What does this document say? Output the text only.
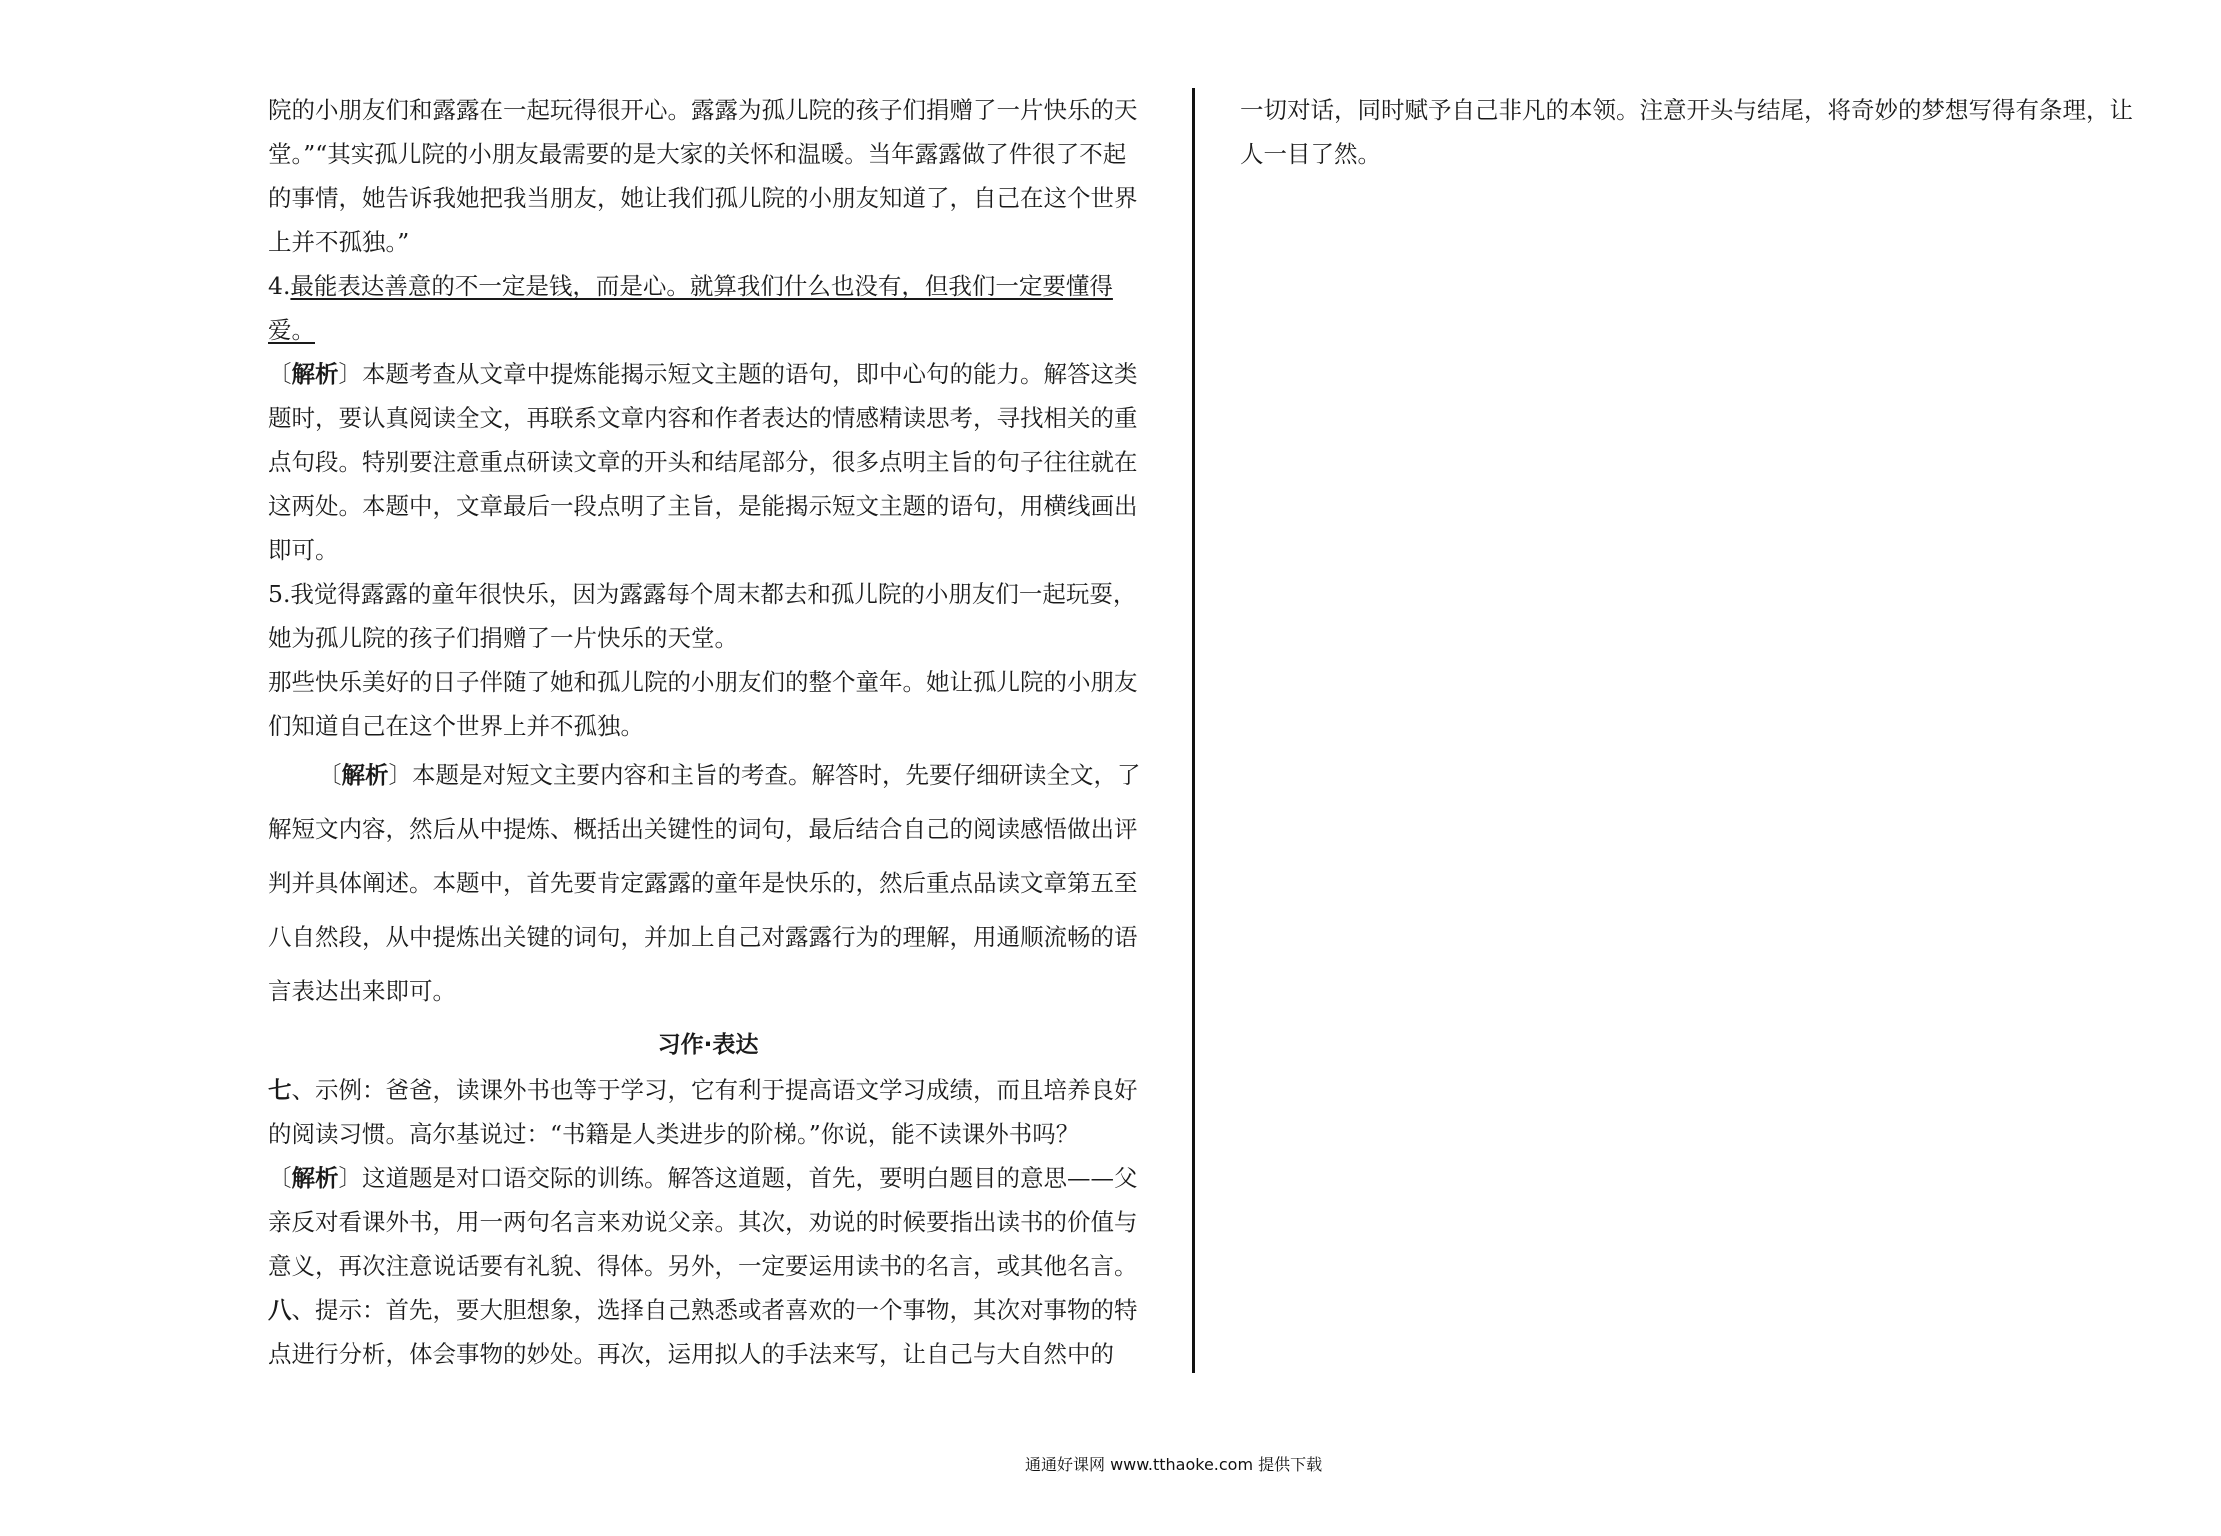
院的小朋友们和露露在一起玩得很开心。露露为孤儿院的孩子们捐赠了一片快乐的天堂。”“其实孤儿院的小朋友最需要的是大家的关怀和温暖。当年露露做了件很了不起的事情，她告诉我她把我当朋友，她让我们孤儿院的小朋友知道了，自己在这个世界上并不孤独。”

4.最能表达善意的不一定是钱，而是心。就算我们什么也没有，但我们一定要懂得爱。

〔解析〕本题考查从文章中提炼能揭示短文主题的语句，即中心句的能力。解答这类题时，要认真阅读全文，再联系文章内容和作者表达的情感精读思考，寻找相关的重点句段。特别要注意重点研读文章的开头和结尾部分，很多点明主旨的句子往往就在这两处。本题中，文章最后一段点明了主旨，是能揭示短文主题的语句，用横线画出即可。

5.我觉得露露的童年很快乐，因为露露每个周末都去和孤儿院的小朋友们一起玩耍，她为孤儿院的孩子们捐赠了一片快乐的天堂。

那些快乐美好的日子伴随了她和孤儿院的小朋友们的整个童年。她让孤儿院的小朋友们知道自己在这个世界上并不孤独。

〔解析〕本题是对短文主要内容和主旨的考查。解答时，先要仔细研读全文，了解短文内容，然后从中提炼、概括出关键性的词句，最后结合自己的阅读感悟做出评判并具体阐述。本题中，首先要肯定露露的童年是快乐的，然后重点品读文章第五至八自然段，从中提炼出关键的词句，并加上自己对露露行为的理解，用通顺流畅的语言表达出来即可。

习作·表达

七、示例：爸爸，读课外书也等于学习，它有利于提高语文学习成绩，而且培养良好的阅读习惯。高尔基说过：“书籍是人类进步的阶梯。”你说，能不读课外书吗？

〔解析〕这道题是对口语交际的训练。解答这道题，首先，要明白题目的意思——父亲反对看课外书，用一两句名言来劝说父亲。其次，劝说的时候要指出读书的价值与意义，再次注意说话要有礼貌、得体。另外，一定要运用读书的名言，或其他名言。

八、提示：首先，要大胆想象，选择自己熟悉或者喜欢的一个事物，其次对事物的特点进行分析，体会事物的妙处。再次，运用拟人的手法来写，让自己与大自然中的

一切对话，同时赋予自己非凡的本领。注意开头与结尾，将奇妙的梦想写得有条理，让人一目了然。

通通好课网 www.tthaoke.com 提供下载
